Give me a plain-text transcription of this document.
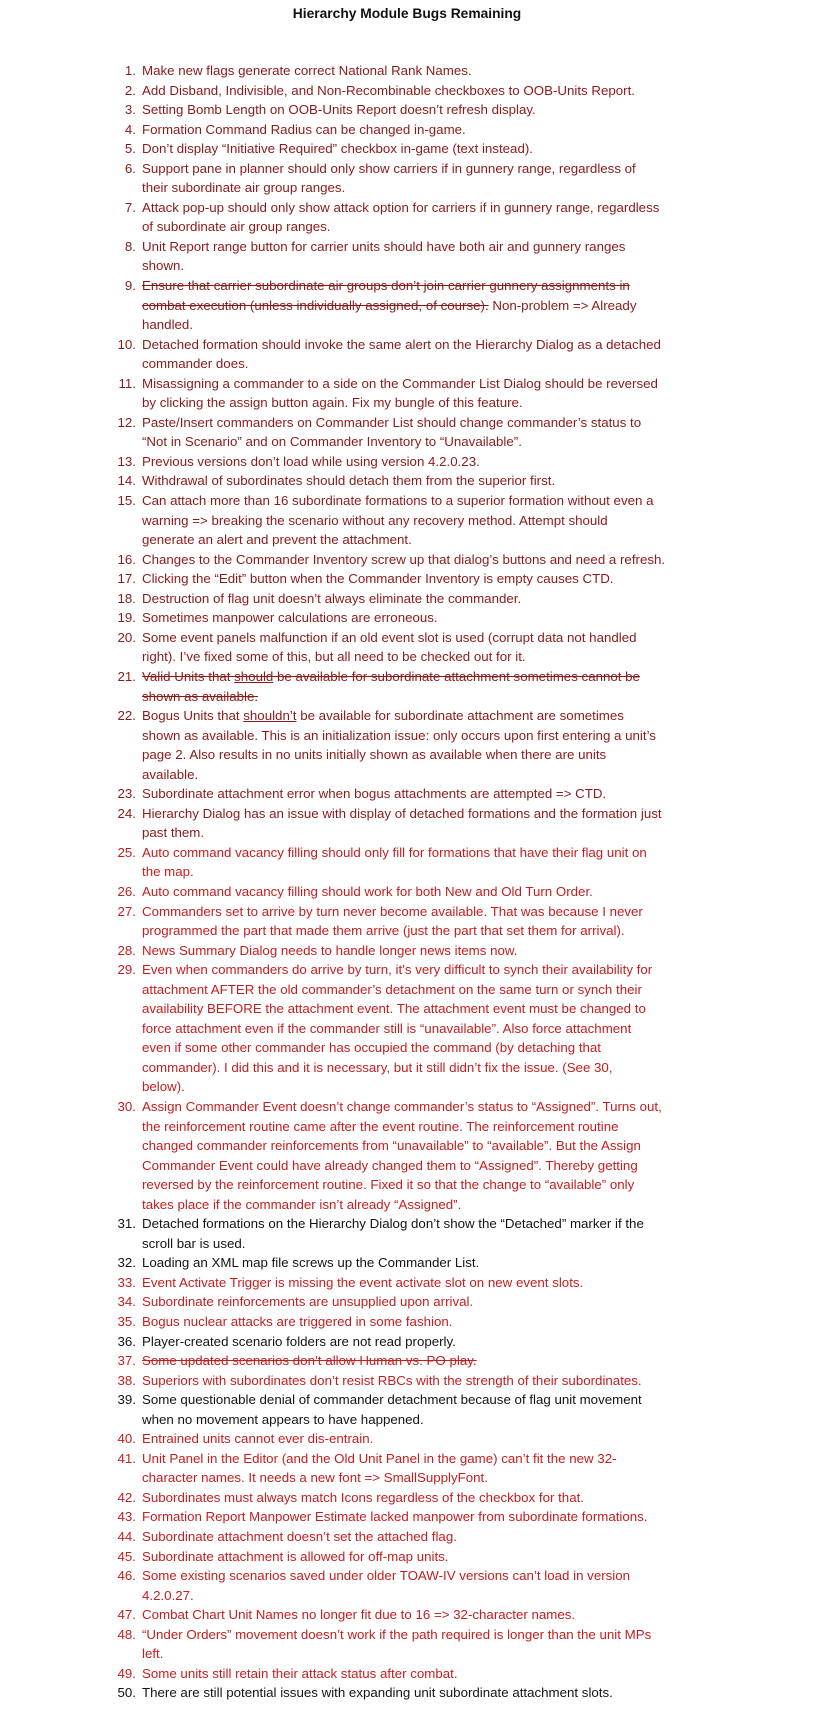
Hierarchy Module Bugs Remaining
1. Make new flags generate correct National Rank Names.
2. Add Disband, Indivisible, and Non-Recombinable checkboxes to OOB-Units Report.
3. Setting Bomb Length on OOB-Units Report doesn’t refresh display.
4. Formation Command Radius can be changed in-game.
5. Don’t display “Initiative Required” checkbox in-game (text instead).
6. Support pane in planner should only show carriers if in gunnery range, regardless of
their subordinate air group ranges.
7. Attack pop-up should only show attack option for carriers if in gunnery range, regardless
of subordinate air group ranges.
8. Unit Report range button for carrier units should have both air and gunnery ranges
shown.
9. Ensure that carrier subordinate air groups don’t join carrier gunnery assignments in
combat execution (unless individually assigned, of course). Non-problem => Already
handled.
10. Detached formation should invoke the same alert on the Hierarchy Dialog as a detached
commander does.
11. Misassigning a commander to a side on the Commander List Dialog should be reversed
by clicking the assign button again. Fix my bungle of this feature.
12. Paste/Insert commanders on Commander List should change commander’s status to
“Not in Scenario” and on Commander Inventory to “Unavailable”.
13. Previous versions don’t load while using version 4.2.0.23.
14. Withdrawal of subordinates should detach them from the superior first.
15. Can attach more than 16 subordinate formations to a superior formation without even a
warning => breaking the scenario without any recovery method. Attempt should
generate an alert and prevent the attachment.
16. Changes to the Commander Inventory screw up that dialog’s buttons and need a refresh.
17. Clicking the “Edit” button when the Commander Inventory is empty causes CTD.
18. Destruction of flag unit doesn’t always eliminate the commander.
19. Sometimes manpower calculations are erroneous.
20. Some event panels malfunction if an old event slot is used (corrupt data not handled
right). I’ve fixed some of this, but all need to be checked out for it.
21. Valid Units that should be available for subordinate attachment sometimes cannot be
shown as available.
22. Bogus Units that shouldn’t be available for subordinate attachment are sometimes
shown as available. This is an initialization issue: only occurs upon first entering a unit’s
page 2. Also results in no units initially shown as available when there are units
available.
23. Subordinate attachment error when bogus attachments are attempted => CTD.
24. Hierarchy Dialog has an issue with display of detached formations and the formation just
past them.
25. Auto command vacancy filling should only fill for formations that have their flag unit on
the map.
26. Auto command vacancy filling should work for both New and Old Turn Order.
27. Commanders set to arrive by turn never become available. That was because I never
programmed the part that made them arrive (just the part that set them for arrival).
28. News Summary Dialog needs to handle longer news items now.
29. Even when commanders do arrive by turn, it’s very difficult to synch their availability for
attachment AFTER the old commander’s detachment on the same turn or synch their
availability BEFORE the attachment event. The attachment event must be changed to
force attachment even if the commander still is “unavailable”. Also force attachment
even if some other commander has occupied the command (by detaching that
commander). I did this and it is necessary, but it still didn’t fix the issue. (See 30,
below).
30. Assign Commander Event doesn’t change commander’s status to “Assigned”. Turns out,
the reinforcement routine came after the event routine. The reinforcement routine
changed commander reinforcements from “unavailable” to “available”. But the Assign
Commander Event could have already changed them to “Assigned”. Thereby getting
reversed by the reinforcement routine. Fixed it so that the change to “available” only
takes place if the commander isn’t already “Assigned”.
31. Detached formations on the Hierarchy Dialog don’t show the “Detached” marker if the
scroll bar is used.
32. Loading an XML map file screws up the Commander List.
33. Event Activate Trigger is missing the event activate slot on new event slots.
34. Subordinate reinforcements are unsupplied upon arrival.
35. Bogus nuclear attacks are triggered in some fashion.
36. Player-created scenario folders are not read properly.
37. Some updated scenarios don’t allow Human vs. PO play.
38. Superiors with subordinates don’t resist RBCs with the strength of their subordinates.
39. Some questionable denial of commander detachment because of flag unit movement
when no movement appears to have happened.
40. Entrained units cannot ever dis-entrain.
41. Unit Panel in the Editor (and the Old Unit Panel in the game) can’t fit the new 32-
character names. It needs a new font => SmallSupplyFont.
42. Subordinates must always match Icons regardless of the checkbox for that.
43. Formation Report Manpower Estimate lacked manpower from subordinate formations.
44. Subordinate attachment doesn’t set the attached flag.
45. Subordinate attachment is allowed for off-map units.
46. Some existing scenarios saved under older TOAW-IV versions can’t load in version
4.2.0.27.
47. Combat Chart Unit Names no longer fit due to 16 => 32-character names.
48. “Under Orders” movement doesn’t work if the path required is longer than the unit MPs
left.
49. Some units still retain their attack status after combat.
50. There are still potential issues with expanding unit subordinate attachment slots.
